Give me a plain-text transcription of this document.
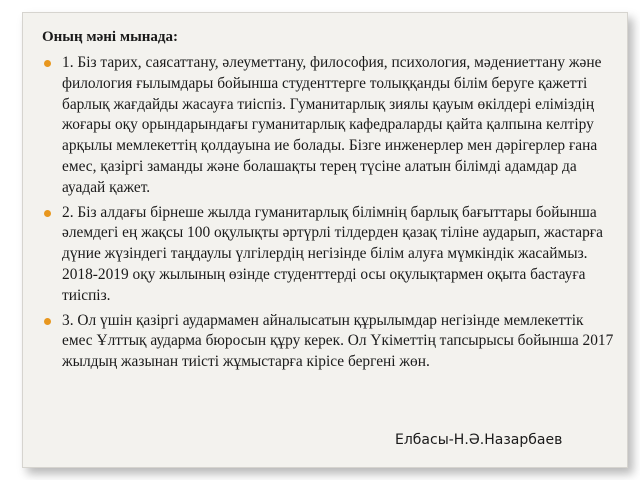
Оның мәні мынада:
1. Біз тарих, саясаттану, әлеуметтану, философия, психология, мәдениеттану және филология ғылымдары бойынша студенттерге толыққанды білім беруге қажетті барлық жағдайды жасауға тиіспіз. Гуманитарлық зиялы қауым өкілдері еліміздің жоғары оқу орындарындағы гуманитарлық кафедраларды қайта қалпына келтіру арқылы мемлекеттің қолдауына ие болады. Бізге инженерлер мен дәрігерлер ғана емес, қазіргі заманды және болашақты терең түсіне алатын білімді адамдар да ауадай қажет.
2. Біз алдағы бірнеше жылда гуманитарлық білімнің барлық бағыттары бойынша әлемдегі ең жақсы 100 оқулықты әртүрлі тілдерден қазақ тіліне аударып, жастарға дүние жүзіндегі таңдаулы үлгілердің негізінде білім алуға мүмкіндік жасаймыз. 2018-2019 оқу жылының өзінде студенттерді осы оқулықтармен оқыта бастауға тиіспіз.
3. Ол үшін қазіргі аудармамен айналысатын құрылымдар негізінде мемлекеттік емес Ұлттық аударма бюросын құру керек. Ол Үкіметтің тапсырысы бойынша 2017 жылдың жазынан тиісті жұмыстарға кірісе бергені жөн.
Елбасы-Н.Ә.Назарбаев
